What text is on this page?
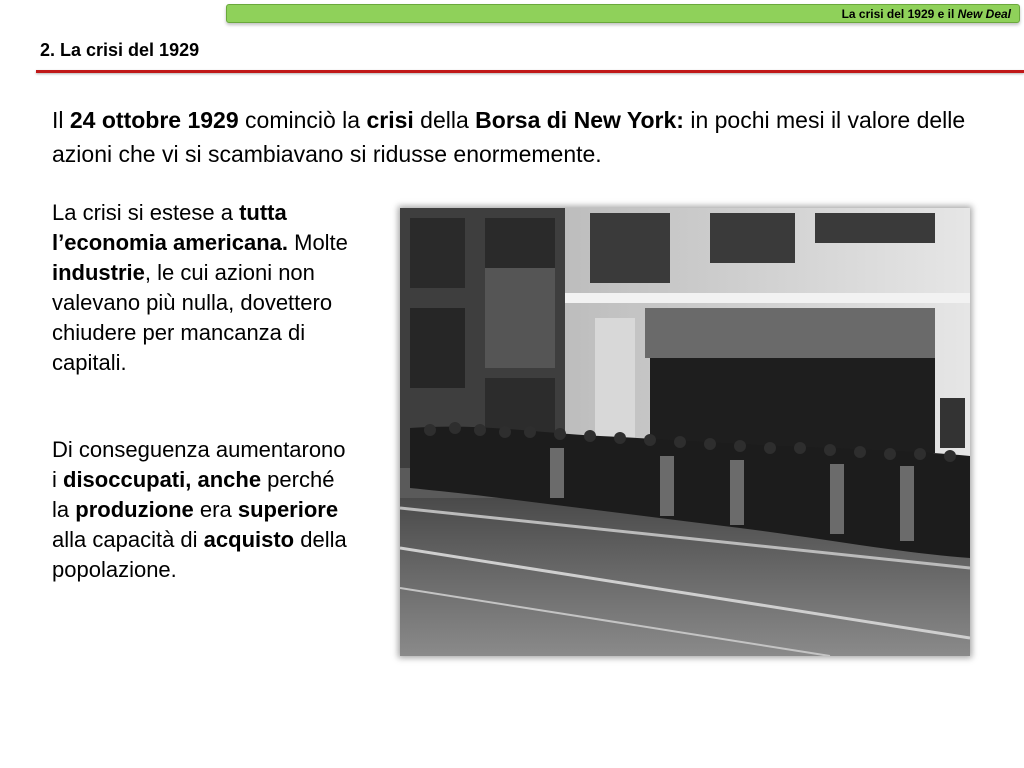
La crisi del 1929 e il New Deal
2. La crisi del 1929
Il 24 ottobre 1929 cominciò la crisi della Borsa di New York: in pochi mesi il valore delle azioni che vi si scambiavano si ridusse enormemente.
La crisi si estese a tutta l’economia americana. Molte industrie, le cui azioni non valevano più nulla, dovettero chiudere per mancanza di capitali.
Di conseguenza aumentarono i disoccupati, anche perché la produzione era superiore alla capacità di acquisto della popolazione.
